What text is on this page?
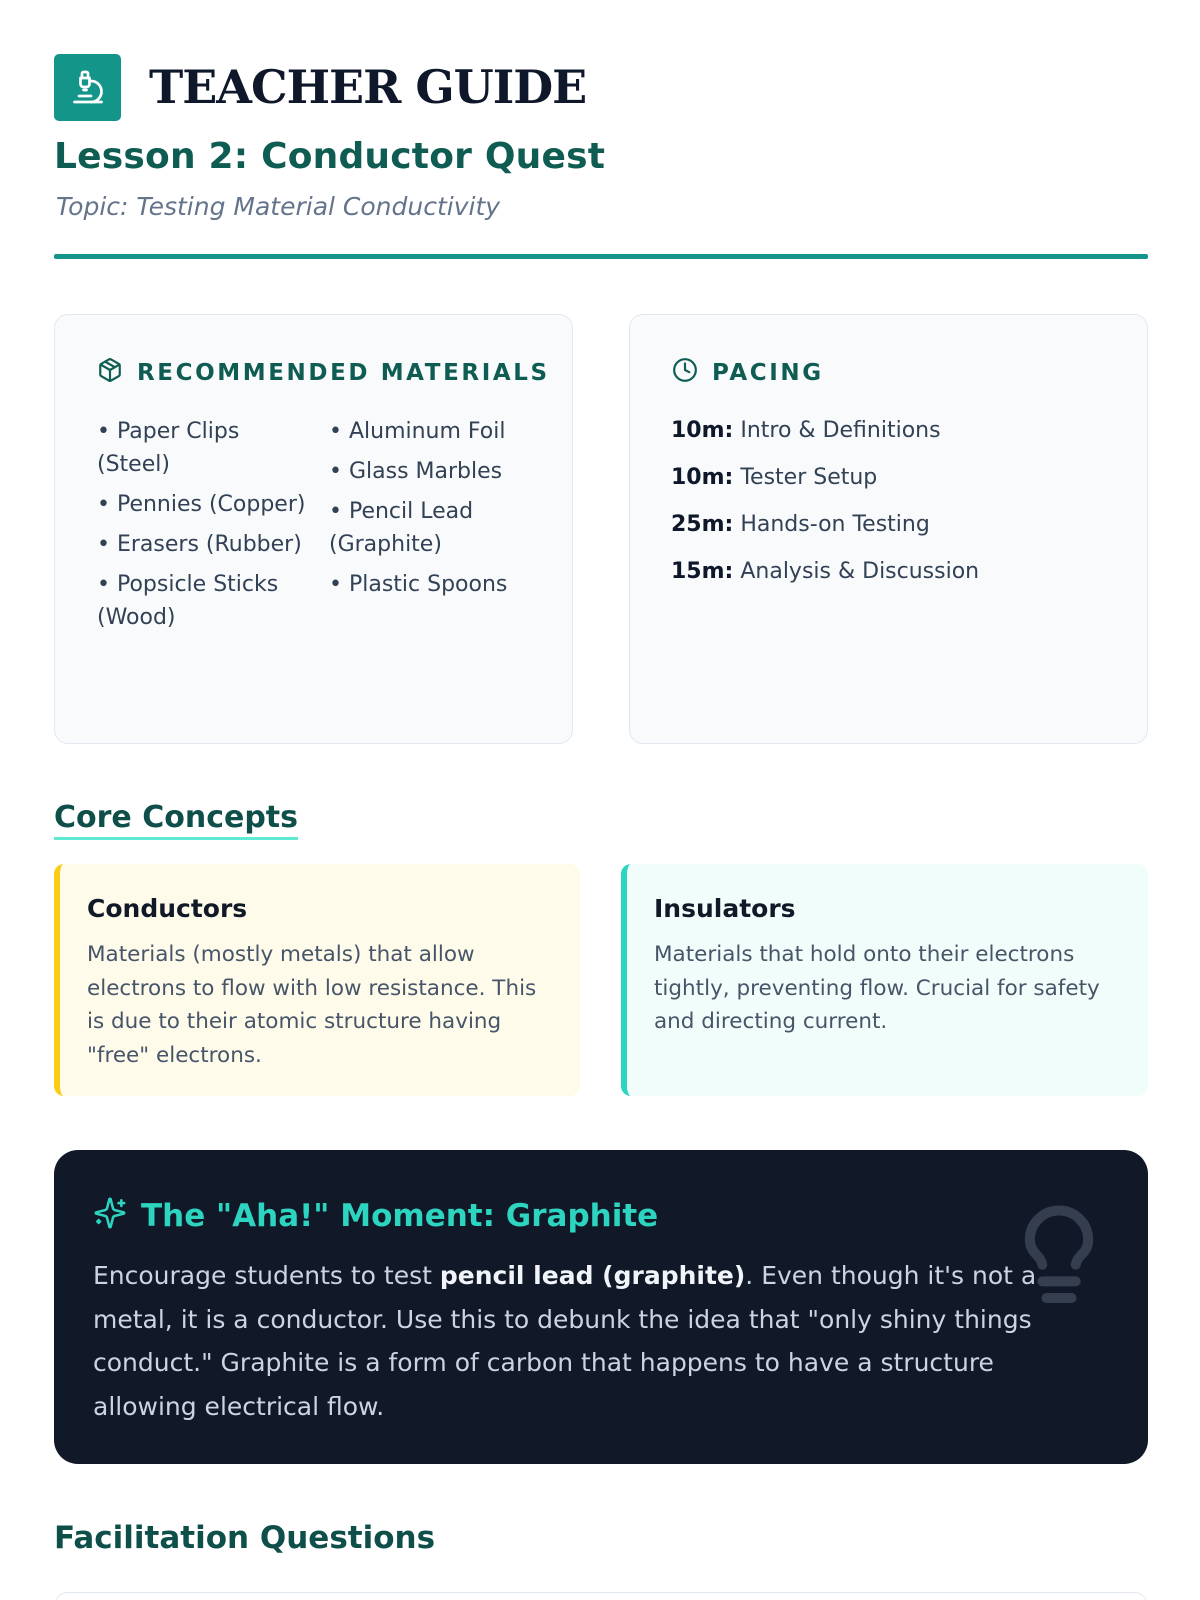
TEACHER GUIDE
Lesson 2: Conductor Quest
Topic: Testing Material Conductivity
RECOMMENDED MATERIALS
• Paper Clips (Steel)
• Pennies (Copper)
• Erasers (Rubber)
• Popsicle Sticks (Wood)
• Aluminum Foil
• Glass Marbles
• Pencil Lead (Graphite)
• Plastic Spoons
PACING
10m: Intro & Definitions
10m: Tester Setup
25m: Hands-on Testing
15m: Analysis & Discussion
Core Concepts
Conductors
Materials (mostly metals) that allow electrons to flow with low resistance. This is due to their atomic structure having "free" electrons.
Insulators
Materials that hold onto their electrons tightly, preventing flow. Crucial for safety and directing current.
The "Aha!" Moment: Graphite
Encourage students to test pencil lead (graphite). Even though it's not a metal, it is a conductor. Use this to debunk the idea that "only shiny things conduct." Graphite is a form of carbon that happens to have a structure allowing electrical flow.
Facilitation Questions
